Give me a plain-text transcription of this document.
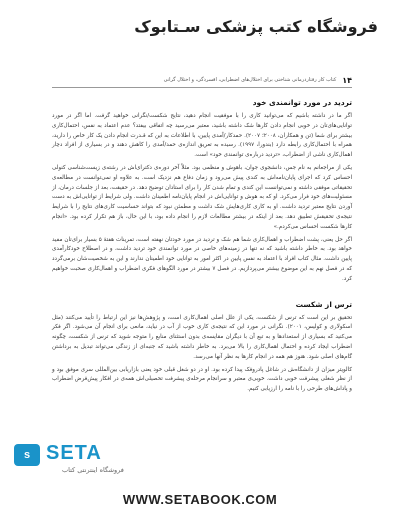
فروشگاه کتب پزشکی سـتابوک
۱۴
کتاب کار رفتاردرمانی شناختی برای اختلال‌های اضطرابی، افسردگی، و اختلال گرانی
تردید در مورد توانمندی خود

اگر ما در داشته باشیم که می‌توانید کاری را با موفقیت انجام دهید، نتایج شکست/نگرانی خواهید گرفت. اما اگر در مورد توانایی‌های‌تان در خوبی انجام دادن کارها شک داشته باشید، معتبر می‌رسید چه اتفاقی بیفتد؟ عدم اعتماد به نفس، احتمال‌کاری بیشتر برای شما (تن و همکاران، ۲۰۰۸؛ ۲۰۰۷). حمدکار/آمدی پایین، با اطلاعات به این که قـدرت انجام دادن یک کار خاص را دارید، همراه با احتمال‌کاری رابطه دارد (بندورا، ۱۹۹۷). رسیده به تعریق اندازه‌ی حمد/آمدی را کاهش دهند و در بسیاری از افراد دچار اهمال‌کاری ناشی از اضطراب، «تردید درباره‌ی توانمندی خود» است.

یکی از مراجعانم به نام جس، دانشجوی جوان، باهوش و منظمی بود. مثلاً آخر دوره‌ی دکترای‌اش در رشته‌ی زیست‌شناسی کنولی احساس کرد که اجرای پایان‌نامه‌اش به کندی پیش می‌رود و زمان دفاع هم نزدیک است. به علاوه او نمی‌توانست در مطالعه‌ی تحقیقاتی موفقی داشته و نمی‌توانست این کندی و تمام شدن کار را برای استادان توضیح دهد. در حقیقت، بعد از جلسات درمان، از مسئولیت‌های خود فرار می‌کرد. او که به هوش و توانایی‌اش در انجام پایان‌نامه اطمینان داشت. ولی شرایط از توانایی‌اش به دست آوردن نتایج معتبر تردید داشت. او به کاری کاری‌هایش شک داشت و مطمئن نبود که بتواند حساسیت کاری‌های نتایج را با شرایط نتیجه‌ی تحقیقش تطبیق دهد. بعد از اینکه در بیشتر مطالعات لازم را انجام داده بود، با این حال، باز هم تکرار کرده بود. «انجام کارها شکست احساس می‌کردم.»

اگر حل یعنی، پشت اضطراب و اهمال‌کاری شما هم شک و تردید در مورد خودتان نهفته است، تمرینات هفتهٔ ۵ بسیار برای‌تان مفید خواهد بود. به خاطر داشته باشید که نه تنها در زمینه‌های خاصی در مورد توانمندی خود تردید داشت، و در اصطلاح خودکارآمدی پایین داشت. مثال‌ کتاب افراد با اعتماد به نفس پایین در اکثر امور به توانایی خود اطمینان ندارند و این به شخصیت‌شان برمی‌گردد که در فصل نهم به این موضوع بیشتر می‌پردازیم. در فصل ۷ بیشتر در مورد الگوهای فکری اضطراب و اهمال‌کاری صحبت خواهیم کرد.

ترس از شکست

تحقیق بر این است که ترس از شکست، یکی از علل اصلی اهمال‌کاری است، و پژوهش‌ها نیز این ارتباط را تأیید می‌کنند (مثل اسکولاری و کولیس، ۲۰۰۱). نگرانی در مورد این که نتیجه‌ی کاری خوب از آب در نیاید، مانعی برای انجام آن می‌شود. اگر فکر می‌کنید که بسیاری از استعدادها و به تبع آن با دیگران مقایسه‌ی بدون استثنای منابع را متوجه شوید که ترس از شکست، چگونه اضطراب ایجاد کرده و احتمال اهمال‌کاری را بالا می‌برد. به خاطر داشته باشید که جنبه‌ای از زندگی می‌تواند تبدیل به برداشتن گام‌های اصلی شود. هنوز هم همه در انجام کارها به نظر آنها می‌رسد.

کالویتر میزان از دانشگاه‌ش در شاغل پادروفک پیدا کرده بود. او در دو شغل قبلی خود یعنی بازاریابی بین‌المللی سری موفق بود و از نظر شغلی پیشرفت خوبی داشت. خوبی‌ی معتبر و سرانجام مرحله‌ی پیشرفت تحصیلی‌اش همه‌ی در افکار پیش‌فرض اضطراب و پاداش‌های طرحی را با نامه را ارزیابی کنیم.

s SETA
فروشگاه اینترنتی کتاب
WWW.SETABOOK.COM
